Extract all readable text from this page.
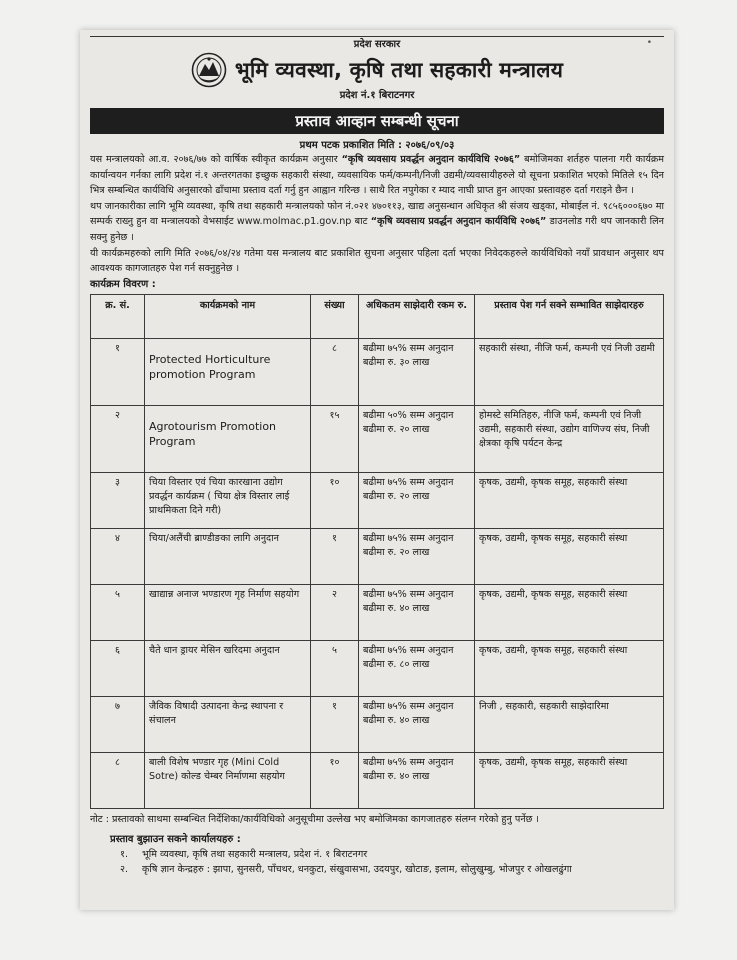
•
प्रदेश सरकार
भूमि व्यवस्था, कृषि तथा सहकारी मन्त्रालय
प्रदेश नं.१ बिराटनगर
प्रस्ताव आव्हान सम्बन्धी सूचना
प्रथम पटक प्रकाशित मिति : २०७६/०९/०३

यस मन्त्रालयको आ.व. २०७६/७७ को वार्षिक स्वीकृत कार्यक्रम अनुसार “कृषि व्यवसाय प्रवर्द्धन अनुदान कार्यविधि २०७६” बमोजिमका शर्तहरु पालना गरी कार्यक्रम कार्यान्वयन गर्नका लागि प्रदेश नं.१ अन्तरगतका इच्छुक सहकारी संस्था, व्यवसायिक फर्म/कम्पनी/निजी उद्यमी/व्यवसायीहरुले यो सूचना प्रकाशित भएको मितिले १५ दिन भित्र सम्बन्धित कार्यविधि अनुसारको ढाँचामा प्रस्ताव दर्ता गर्नु हुन आह्वान गरिन्छ । साथै रित नपुगेका र म्याद नाघी प्राप्त हुन आएका प्रस्तावहरु दर्ता गराइने छैन ।

थप जानकारीका लागि भूमि व्यवस्था, कृषि तथा सहकारी मन्त्रालयको फोन नं.०२१ ४७०११३, खाद्य अनुसन्धान अधिकृत श्री संजय खड्का, मोबाईल नं. ९८५६०००६७० मा सम्पर्क राख्नु हुन वा मन्त्रालयको वेभसाईट www.molmac.p1.gov.np बाट “कृषि व्यवसाय प्रवर्द्धन अनुदान कार्यविधि २०७६” डाउनलोड गरी थप जानकारी लिन सक्नु हुनेछ ।

यी कार्यक्रमहरुको लागि मिति २०७६/०४/२४ गतेमा यस मन्त्रालय बाट प्रकाशित सुचना अनुसार पहिला दर्ता भएका निवेदकहरुले कार्यविधिको नयाँ प्रावधान अनुसार थप आवश्यक कागजातहरु पेश गर्न सक्नुहुनेछ ।

कार्यक्रम विवरण :
क्र. सं.	कार्यक्रमको नाम	संख्या	अधिकतम साझेदारी रकम रु.	प्रस्ताव पेश गर्न सक्ने सम्भावित साझेदारहरु
१	Protected Horticulture promotion Program	८	बढीमा ७५% सम्म अनुदान बढीमा रु. ३० लाख	सहकारी संस्था, नीजि फर्म, कम्पनी एवं निजी उद्यमी
२	Agrotourism Promotion Program	१५	बढीमा ५०% सम्म अनुदान बढीमा रु. २० लाख	होमस्टे समितिहरु, नीजि फर्म, कम्पनी एवं निजी उद्यमी, सहकारी संस्था, उद्योग वाणिज्य संघ, निजी क्षेत्रका कृषि पर्यटन केन्द्र
३	चिया विस्तार एवं चिया कारखाना उद्योग प्रवर्द्धन कार्यक्रम ( चिया क्षेत्र विस्तार लाई प्राथमिकता दिने गरी)	१०	बढीमा ७५% सम्म अनुदान बढीमा रु. २० लाख	कृषक, उद्यमी, कृषक समूह, सहकारी संस्था
४	चिया/अलैंची ब्राण्डीङका लागि अनुदान	१	बढीमा ७५% सम्म अनुदान बढीमा रु. २० लाख	कृषक, उद्यमी, कृषक समूह, सहकारी संस्था
५	खाद्यान्न अनाज भण्डारण गृह निर्माण सहयोग	२	बढीमा ७५% सम्म अनुदान बढीमा रु. ४० लाख	कृषक, उद्यमी, कृषक समूह, सहकारी संस्था
६	चैते धान ड्रायर मेसिन खरिदमा अनुदान	५	बढीमा ७५% सम्म अनुदान बढीमा रु. ८० लाख	कृषक, उद्यमी, कृषक समूह, सहकारी संस्था
७	जैविक विषादी उत्पादना केन्द्र स्थापना र संचालन	१	बढीमा ७५% सम्म अनुदान बढीमा रु. ४० लाख	निजी , सहकारी, सहकारी साझेदारिमा
८	बाली विशेष भण्डार गृह (Mini Cold Sotre) कोल्ड चेम्बर निर्माणमा सहयोग	१०	बढीमा ७५% सम्म अनुदान बढीमा रु. ४० लाख	कृषक, उद्यमी, कृषक समूह, सहकारी संस्था
नोट : प्रस्तावको साथमा सम्बन्धित निर्देशिका/कार्यविधिको अनुसूचीमा उल्लेख भए बमोजिमका कागजातहरु संलग्न गरेको हुनु पर्नेछ ।
प्रस्ताव बुझाउन सकने कार्यालयहरु :
१. भूमि व्यवस्था, कृषि तथा सहकारी मन्त्रालय, प्रदेश नं. १ बिराटनगर
२. कृषि ज्ञान केन्द्रहरु : झापा, सुनसरी, पाँचथर, धनकुटा, संखुवासभा, उदयपुर, खोटाङ, इलाम, सोलुखुम्बु, भोजपुर र ओखलढुंगा
